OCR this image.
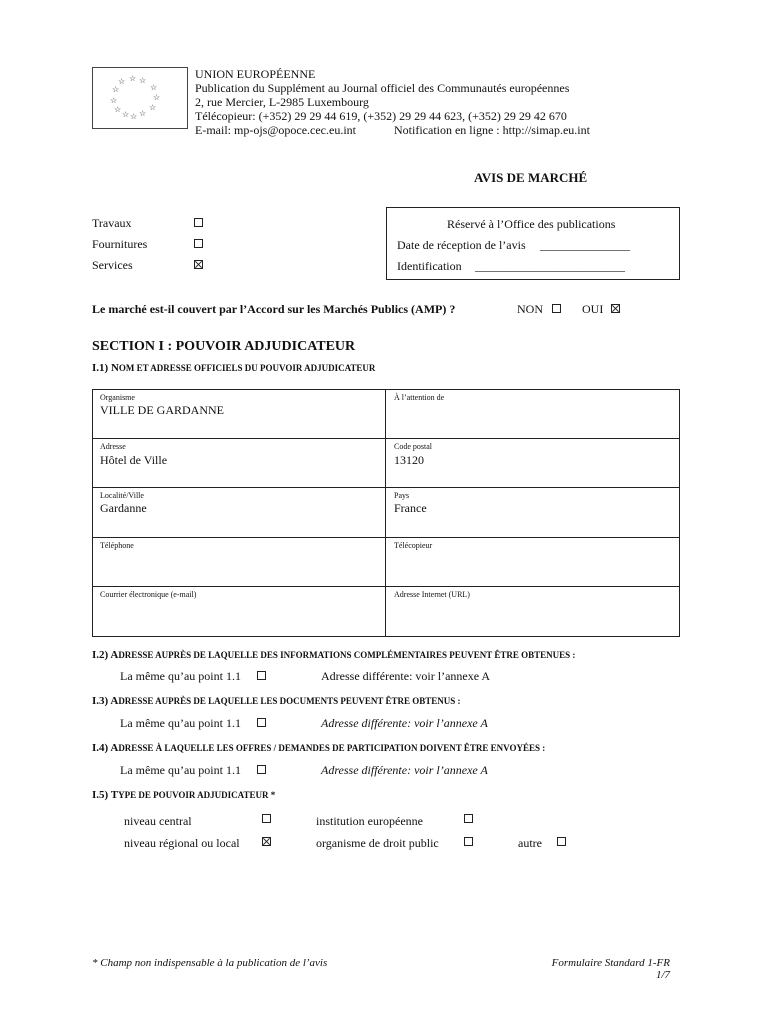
☆ ☆
☆
☆
☆
☆
☆
☆
☆ ☆
☆ ☆
UNION EUROPÉENNE
Publication du Supplément au Journal officiel des Communautés européennes
2, rue Mercier, L-2985 Luxembourg
Télécopieur: (+352) 29 29 44 619, (+352) 29 29 44 623, (+352) 29 29 42 670
E-mail: mp-ojs@opoce.cec.eu.int	Notification en ligne : http://simap.eu.int
AVIS DE MARCHÉ
Travaux
Fournitures
Services
Réservé à l’Office des publications
Date de réception de l’avis _______________
Identification _________________________
Le marché est-il couvert par l’Accord sur les Marchés Publics (AMP) ?	NON	OUI
SECTION I : POUVOIR ADJUDICATEUR
I.1) NOM ET ADRESSE OFFICIELS DU POUVOIR ADJUDICATEUR
Organisme
VILLE DE GARDANNE
À l’attention de
Adresse
Hôtel de Ville
Code postal
13120
Localité/Ville
Gardanne
Pays
France
Téléphone	Télécopieur
Courrier électronique (e-mail)	Adresse Internet (URL)
I.2) ADRESSE AUPRÈS DE LAQUELLE DES INFORMATIONS COMPLÉMENTAIRES PEUVENT ÊTRE OBTENUES :
La même qu’au point 1.1	Adresse différente: voir l’annexe A
I.3) ADRESSE AUPRÈS DE LAQUELLE LES DOCUMENTS PEUVENT ÊTRE OBTENUS :
La même qu’au point 1.1	Adresse différente: voir l’annexe A
I.4) ADRESSE À LAQUELLE LES OFFRES / DEMANDES DE PARTICIPATION DOIVENT ÊTRE ENVOYÉES :
La même qu’au point 1.1	Adresse différente: voir l’annexe A
I.5) TYPE DE POUVOIR ADJUDICATEUR *
niveau central	institution européenne
niveau régional ou local	organisme de droit public	autre
* Champ non indispensable à la publication de l’avis	Formulaire Standard 1-FR
1/7
